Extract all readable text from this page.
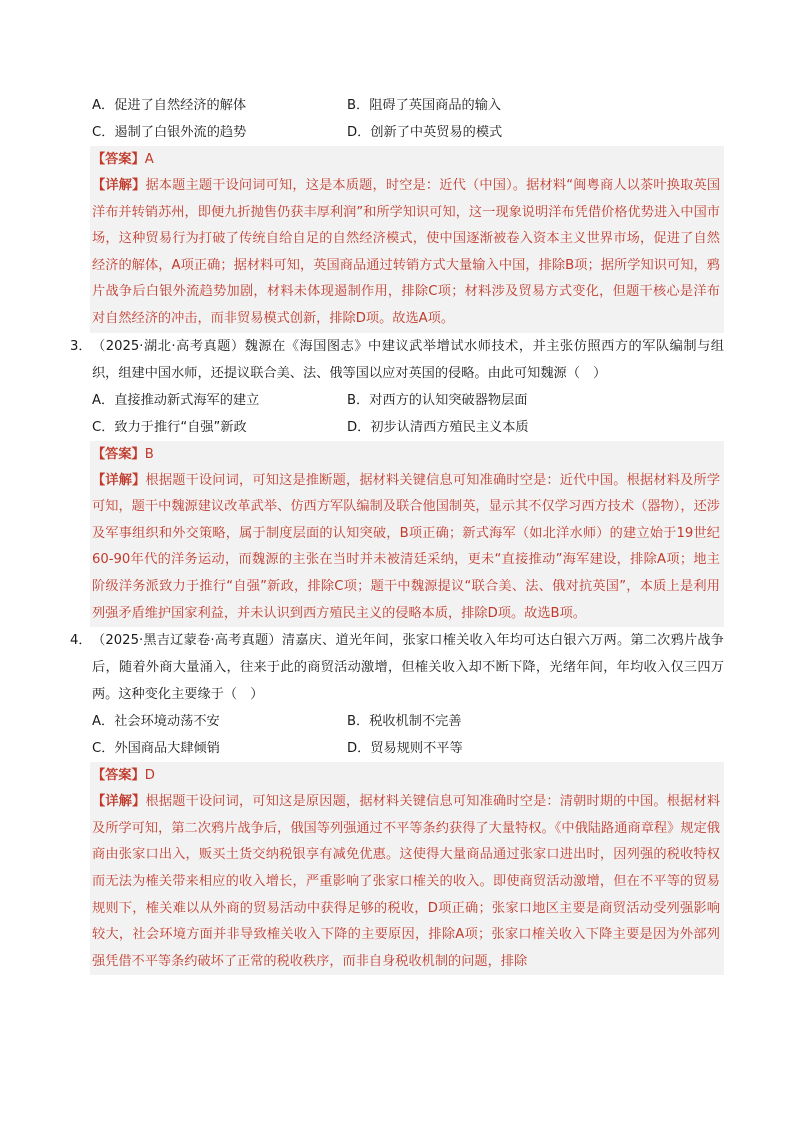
A．促进了自然经济的解体	B．阻碍了英国商品的输入
C．遏制了白银外流的趋势	D．创新了中英贸易的模式
【答案】A
【详解】据本题主题干设问词可知，这是本质题，时空是：近代（中国）。据材料“闽粤商人以茶叶换取英国洋布并转销苏州，即便九折抛售仍获丰厚利润”和所学知识可知，这一现象说明洋布凭借价格优势进入中国市场，这种贸易行为打破了传统自给自足的自然经济模式，使中国逐渐被卷入资本主义世界市场，促进了自然经济的解体，A项正确；据材料可知，英国商品通过转销方式大量输入中国，排除B项；据所学知识可知，鸦片战争后白银外流趋势加剧，材料未体现遏制作用，排除C项；材料涉及贸易方式变化，但题干核心是洋布对自然经济的冲击，而非贸易模式创新，排除D项。故选A项。
3． （2025·湖北·高考真题）魏源在《海国图志》中建议武举增试水师技术，并主张仿照西方的军队编制与组织，组建中国水师，还提议联合美、法、俄等国以应对英国的侵略。由此可知魏源（　）
A．直接推动新式海军的建立	B．对西方的认知突破器物层面
C．致力于推行“自强”新政	D．初步认清西方殖民主义本质
【答案】B
【详解】根据题干设问词，可知这是推断题，据材料关键信息可知准确时空是：近代中国。根据材料及所学可知，题干中魏源建议改革武举、仿西方军队编制及联合他国制英，显示其不仅学习西方技术（器物），还涉及军事组织和外交策略，属于制度层面的认知突破，B项正确；新式海军（如北洋水师）的建立始于19世纪60-90年代的洋务运动，而魏源的主张在当时并未被清廷采纳，更未“直接推动”海军建设，排除A项；地主阶级洋务派致力于推行“自强”新政，排除C项；题干中魏源提议“联合美、法、俄对抗英国”，本质上是利用列强矛盾维护国家利益，并未认识到西方殖民主义的侵略本质，排除D项。故选B项。
4． （2025·黑吉辽蒙卷·高考真题）清嘉庆、道光年间，张家口榷关收入年均可达白银六万两。第二次鸦片战争后，随着外商大量涌入，往来于此的商贸活动激增，但榷关收入却不断下降，光绪年间，年均收入仅三四万两。这种变化主要缘于（　）
A．社会环境动荡不安	B．税收机制不完善
C．外国商品大肆倾销	D．贸易规则不平等
【答案】D
【详解】根据题干设问词，可知这是原因题，据材料关键信息可知准确时空是：清朝时期的中国。根据材料及所学可知，第二次鸦片战争后，俄国等列强通过不平等条约获得了大量特权。《中俄陆路通商章程》规定俄商由张家口出入，贩买土货交纳税银享有减免优惠。这使得大量商品通过张家口进出时，因列强的税收特权而无法为榷关带来相应的收入增长，严重影响了张家口榷关的收入。即使商贸活动激增，但在不平等的贸易规则下，榷关难以从外商的贸易活动中获得足够的税收，D项正确；张家口地区主要是商贸活动受列强影响较大，社会环境方面并非导致榷关收入下降的主要原因，排除A项；张家口榷关收入下降主要是因为外部列强凭借不平等条约破坏了正常的税收秩序，而非自身税收机制的问题，排除
